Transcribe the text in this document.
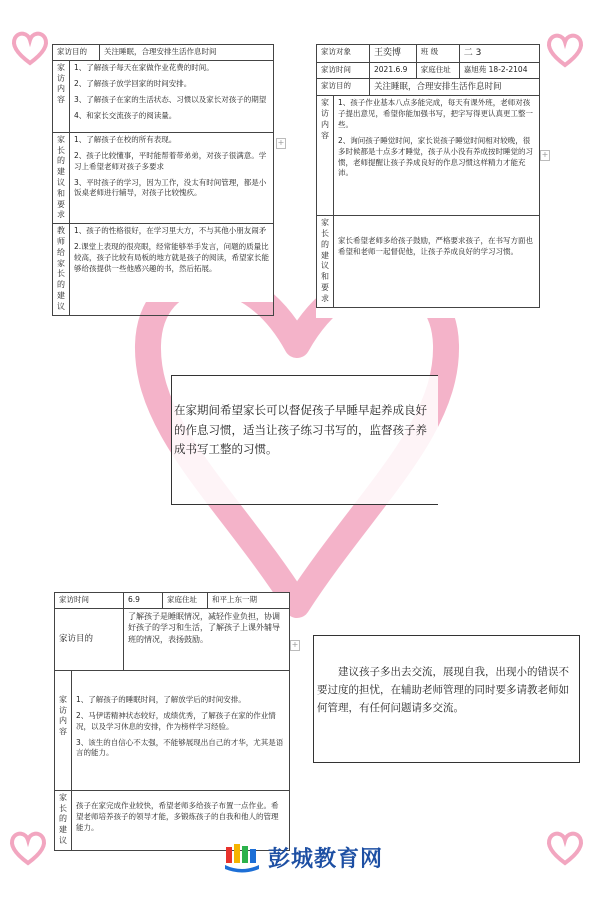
家访目的	关注睡眠，合理安排生活作息时间
家访内容	1、了解孩子每天在家做作业花费的时间。
2、了解孩子放学回家的时间安排。
3、了解孩子在家的生活状态、习惯以及家长对孩子的期望
4、和家长交流孩子的阅读量。

家长的建议和要求	1、了解孩子在校的所有表现。
2、孩子比较懂事，平时能帮着带弟弟，对孩子很满意。学习上希望老师对孩子多要求
3、平时孩子的学习，因为工作，没太有时间管理，都是小饭桌老师进行辅导，对孩子比较愧疚。

教师给家长的建议	1、孩子的性格很好，在学习里大方，不与其他小朋友闹矛
2.课堂上表现的很亮眼，经常能够举手发言，问题的质量比较高，孩子比较有局板的地方就是孩子的阅读，希望家长能够给孩提供一些他感兴趣的书，然后拓展。
+
家访对象	王奕博	班 级	二 3
家访时间	2021.6.9	家庭住址	嘉旭苑 18-2-2104
家访目的	关注睡眠，合理安排生活作息时间		
家访内容	1、孩子作业基本八点多能完成，每天有课外班，老师对孩子提出意见，希望你能加强书写，把字写得更认真更工整一些。
2、询问孩子睡觉时间，家长说孩子睡觉时间相对较晚，很多时候都是十点多才睡觉，孩子从小没有养成按时睡觉的习惯，老师提醒让孩子养成良好的作息习惯这样精力才能充沛。

家长的建议和要求	家长希望老师多给孩子鼓励，严格要求孩子，在书写方面也希望和老师一起督促他，让孩子养成良好的学习习惯。
+
在家期间希望家长可以督促孩子早睡早起养成良好的作息习惯，适当让孩子练习书写的，监督孩子养成书写工整的习惯。
家访时间	6.9	家庭住址	和平上东一期
家访目的	了解孩子是睡眠情况，减轻作业负担，协调好孩子的学习和生活，了解孩子上课外辅导班的情况，表扬鼓励。
家访内容	1、了解孩子的睡眠时间，了解放学后的时间安排。
2、马伊诺精神状态较好，成绩优秀，了解孩子在家的作业情况，以及学习休息的安排，作为榜样学习经验。
3、该生的自信心不太强，不能够展现出自己的才华，尤其是语言的能力。

家长的建议	孩子在家完成作业较快，希望老师多给孩子布置一点作业。希望老师培养孩子的领导才能，多锻炼孩子的自我和他人的管理能力。
+
建议孩子多出去交流，展现自我，出现小的错误不要过度的担忧，在辅助老师管理的同时要多请教老师如何管理，有任何问题请多交流。
彭城教育网
